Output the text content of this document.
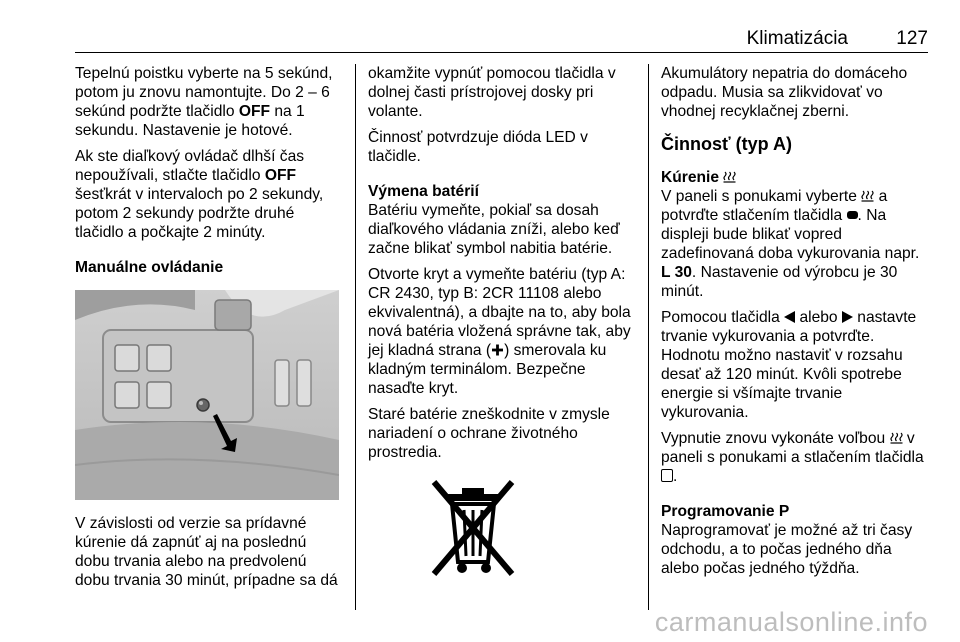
Klimatizácia	127

Tepelnú poistku vyberte na 5 sekúnd, potom ju znovu namontujte. Do 2 – 6 sekúnd podržte tlačidlo OFF na 1 sekundu. Nastavenie je hotové.

Ak ste diaľkový ovládač dlhší čas nepoužívali, stlačte tlačidlo OFF šesťkrát v intervaloch po 2 sekundy, potom 2 sekundy podržte druhé tlačidlo a počkajte 2 minúty.

Manuálne ovládanie

V závislosti od verzie sa prídavné kúrenie dá zapnúť aj na poslednú dobu trvania alebo na predvolenú dobu trvania 30 minút, prípadne sa dá

okamžite vypnúť pomocou tlačidla v dolnej časti prístrojovej dosky pri volante.

Činnosť potvrdzuje dióda LED v tlačidle.

Výmena batérií

Batériu vymeňte, pokiaľ sa dosah diaľkového vládania zníži, alebo keď začne blikať symbol nabitia batérie.

Otvorte kryt a vymeňte batériu (typ A: CR 2430, typ B: 2CR 11108 alebo ekvivalentná), a dbajte na to, aby bola nová batéria vložená správne tak, aby jej kladná strana ( ) smerovala ku kladným terminálom. Bezpečne nasaďte kryt.

Staré batérie zneškodnite v zmysle nariadení o ochrane životného prostredia.

Akumulátory nepatria do domáceho odpadu. Musia sa zlikvidovať vo vhodnej recyklačnej zberni.

Činnosť (typ A)
Kúrenie

V paneli s ponukami vyberte  a potvrďte stlačením tlačidla . Na displeji bude blikať vopred zadefinovaná doba vykurovania napr. L 30. Nastavenie od výrobcu je 30 minút.

Pomocou tlačidla  alebo  nastavte trvanie vykurovania a potvrďte. Hodnotu možno nastaviť v rozsahu desať až 120 minút. Kvôli spotrebe energie si všímajte trvanie vykurovania.

Vypnutie znovu vykonáte voľbou  v paneli s ponukami a stlačením tlačidla .

Programovanie P

Naprogramovať je možné až tri časy odchodu, a to počas jedného dňa alebo počas jedného týždňa.

carmanualsonline.info
